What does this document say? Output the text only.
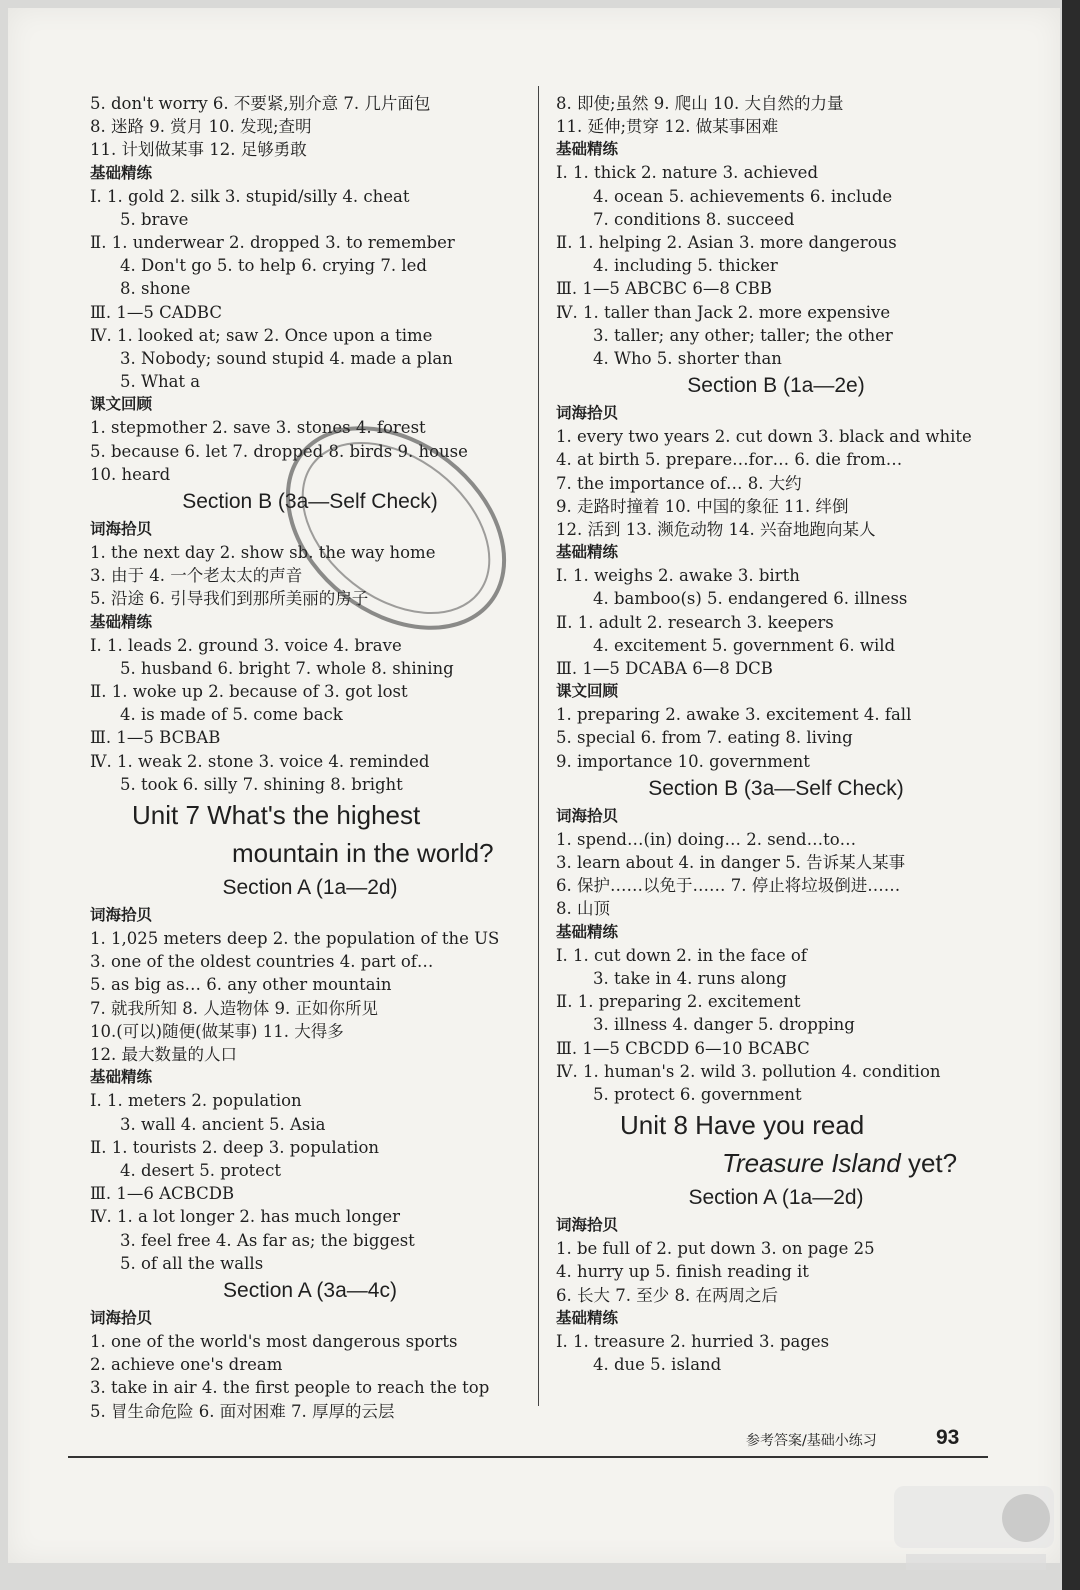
5. don't worry 6. 不要紧,别介意 7. 几片面包
8. 迷路 9. 赏月 10. 发现;查明
11. 计划做某事 12. 足够勇敢
基础精练
Ⅰ. 1. gold 2. silk 3. stupid/silly 4. cheat
5. brave
Ⅱ. 1. underwear 2. dropped 3. to remember
4. Don't go 5. to help 6. crying 7. led
8. shone
Ⅲ. 1—5 CADBC
Ⅳ. 1. looked at; saw 2. Once upon a time
3. Nobody; sound stupid 4. made a plan
5. What a
课文回顾
1. stepmother 2. save 3. stones 4. forest
5. because 6. let 7. dropped 8. birds 9. house
10. heard
Section B (3a—Self Check)
词海拾贝
1. the next day 2. show sb. the way home
3. 由于 4. 一个老太太的声音
5. 沿途 6. 引导我们到那所美丽的房子
基础精练
Ⅰ. 1. leads 2. ground 3. voice 4. brave
5. husband 6. bright 7. whole 8. shining
Ⅱ. 1. woke up 2. because of 3. got lost
4. is made of 5. come back
Ⅲ. 1—5 BCBAB
Ⅳ. 1. weak 2. stone 3. voice 4. reminded
5. took 6. silly 7. shining 8. bright
Unit 7 What's the highest
mountain in the world?
Section A (1a—2d)
词海拾贝
1. 1,025 meters deep 2. the population of the US
3. one of the oldest countries 4. part of…
5. as big as… 6. any other mountain
7. 就我所知 8. 人造物体 9. 正如你所见
10.(可以)随便(做某事) 11. 大得多
12. 最大数量的人口
基础精练
Ⅰ. 1. meters 2. population
3. wall 4. ancient 5. Asia
Ⅱ. 1. tourists 2. deep 3. population
4. desert 5. protect
Ⅲ. 1—6 ACBCDB
Ⅳ. 1. a lot longer 2. has much longer
3. feel free 4. As far as; the biggest
5. of all the walls
Section A (3a—4c)
词海拾贝
1. one of the world's most dangerous sports
2. achieve one's dream
3. take in air 4. the first people to reach the top
5. 冒生命危险 6. 面对困难 7. 厚厚的云层
8. 即使;虽然 9. 爬山 10. 大自然的力量
11. 延伸;贯穿 12. 做某事困难
基础精练
Ⅰ. 1. thick 2. nature 3. achieved
4. ocean 5. achievements 6. include
7. conditions 8. succeed
Ⅱ. 1. helping 2. Asian 3. more dangerous
4. including 5. thicker
Ⅲ. 1—5 ABCBC 6—8 CBB
Ⅳ. 1. taller than Jack 2. more expensive
3. taller; any other; taller; the other
4. Who 5. shorter than
Section B (1a—2e)
词海拾贝
1. every two years 2. cut down 3. black and white
4. at birth 5. prepare…for… 6. die from…
7. the importance of… 8. 大约
9. 走路时撞着 10. 中国的象征 11. 绊倒
12. 活到 13. 濒危动物 14. 兴奋地跑向某人
基础精练
Ⅰ. 1. weighs 2. awake 3. birth
4. bamboo(s) 5. endangered 6. illness
Ⅱ. 1. adult 2. research 3. keepers
4. excitement 5. government 6. wild
Ⅲ. 1—5 DCABA 6—8 DCB
课文回顾
1. preparing 2. awake 3. excitement 4. fall
5. special 6. from 7. eating 8. living
9. importance 10. government
Section B (3a—Self Check)
词海拾贝
1. spend…(in) doing… 2. send…to…
3. learn about 4. in danger 5. 告诉某人某事
6. 保护……以免于…… 7. 停止将垃圾倒进……
8. 山顶
基础精练
Ⅰ. 1. cut down 2. in the face of
3. take in 4. runs along
Ⅱ. 1. preparing 2. excitement
3. illness 4. danger 5. dropping
Ⅲ. 1—5 CBCDD 6—10 BCABC
Ⅳ. 1. human's 2. wild 3. pollution 4. condition
5. protect 6. government
Unit 8 Have you read
Treasure Island yet?
Section A (1a—2d)
词海拾贝
1. be full of 2. put down 3. on page 25
4. hurry up 5. finish reading it
6. 长大 7. 至少 8. 在两周之后
基础精练
Ⅰ. 1. treasure 2. hurried 3. pages
4. due 5. island
参考答案/基础小练习	93
